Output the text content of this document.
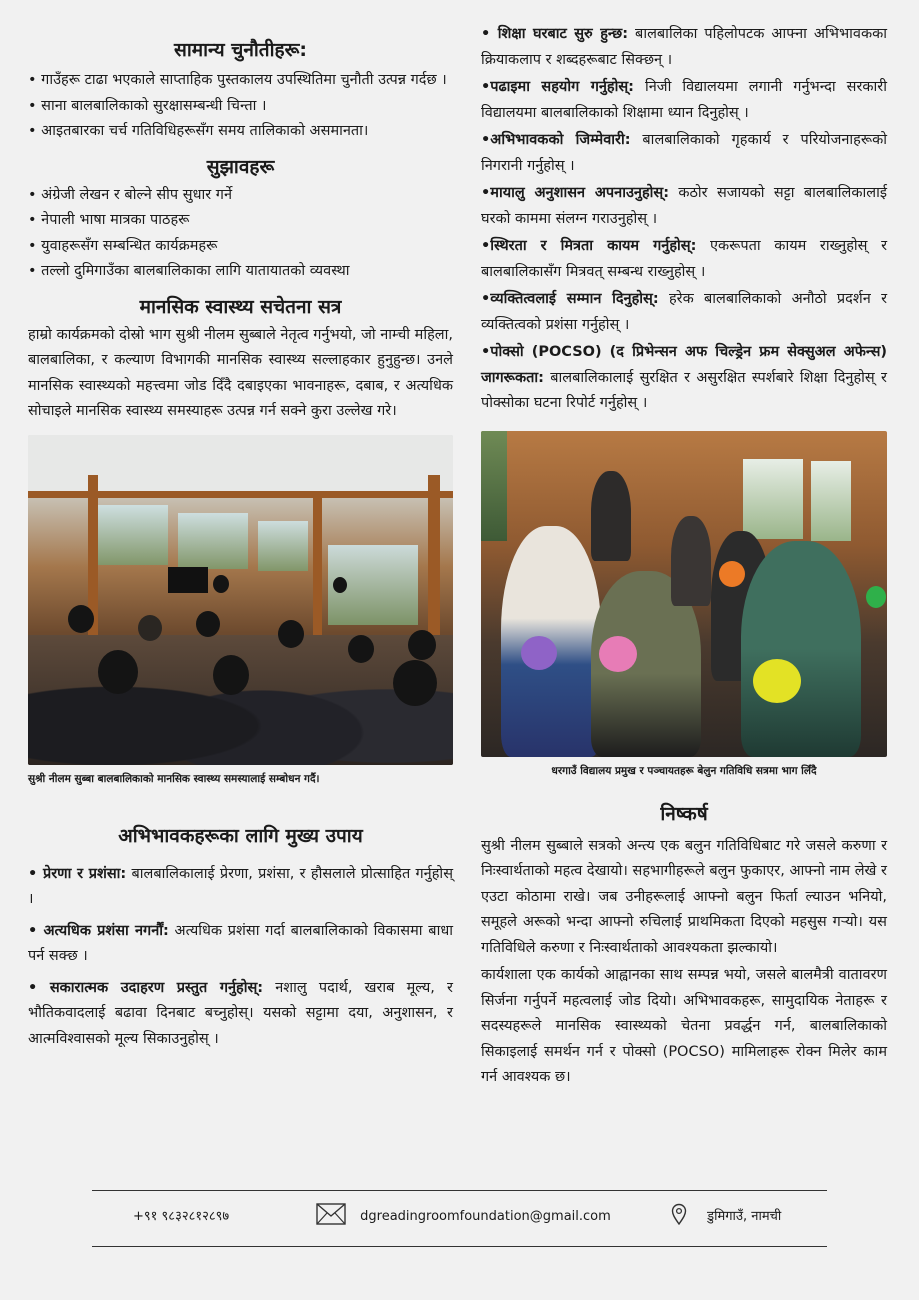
सामान्य चुनौतीहरू:

• गाउँहरू टाढा भएकाले साप्ताहिक पुस्तकालय उपस्थितिमा चुनौती उत्पन्न गर्दछ ।

• साना बालबालिकाको सुरक्षासम्बन्धी चिन्ता ।

• आइतबारका चर्च गतिविधिहरूसँग समय तालिकाको असमानता।

सुझावहरू

• अंग्रेजी लेखन र बोल्ने सीप सुधार गर्ने

• नेपाली भाषा मात्रका पाठहरू

• युवाहरूसँग सम्बन्धित कार्यक्रमहरू

• तल्लो दुमिगाउँका बालबालिकाका लागि यातायातको व्यवस्था

मानसिक स्वास्थ्य सचेतना सत्र

हाम्रो कार्यक्रमको दोस्रो भाग सुश्री नीलम सुब्बाले नेतृत्व गर्नुभयो, जो नाम्ची महिला, बालबालिका, र कल्याण विभागकी मानसिक स्वास्थ्य सल्लाहकार हुनुहुन्छ। उनले मानसिक स्वास्थ्यको महत्त्वमा जोड दिँदै दबाइएका भावनाहरू, दबाब, र अत्यधिक सोचाइले मानसिक स्वास्थ्य समस्याहरू उत्पन्न गर्न सक्ने कुरा उल्लेख गरे।

सुश्री नीलम सुब्बा बालबालिकाको मानसिक स्वास्थ्य समस्यालाई सम्बोधन गर्दै।
अभिभावकहरूका लागि मुख्य उपाय

• प्रेरणा र प्रशंसा: बालबालिकालाई प्रेरणा, प्रशंसा, र हौसलाले प्रोत्साहित गर्नुहोस् ।

• अत्यधिक प्रशंसा नगर्नौं: अत्यधिक प्रशंसा गर्दा बालबालिकाको विकासमा बाधा पर्न सक्छ ।

• सकारात्मक उदाहरण प्रस्तुत गर्नुहोस्: नशालु पदार्थ, खराब मूल्य, र भौतिकवादलाई बढावा दिनबाट बच्नुहोस्। यसको सट्टामा दया, अनुशासन, र आत्मविश्वासको मूल्य सिकाउनुहोस् ।

• शिक्षा घरबाट सुरु हुन्छ: बालबालिका पहिलोपटक आफ्ना अभिभावकका क्रियाकलाप र शब्दहरूबाट सिक्छन् ।

•पढाइमा सहयोग गर्नुहोस्: निजी विद्यालयमा लगानी गर्नुभन्दा सरकारी विद्यालयमा बालबालिकाको शिक्षामा ध्यान दिनुहोस् ।

•अभिभावकको जिम्मेवारी: बालबालिकाको गृहकार्य र परियोजनाहरूको निगरानी गर्नुहोस् ।

•मायालु अनुशासन अपनाउनुहोस्: कठोर सजायको सट्टा बालबालिकालाई घरको काममा संलग्न गराउनुहोस् ।

•स्थिरता र मित्रता कायम गर्नुहोस्: एकरूपता कायम राख्नुहोस् र बालबालिकासँग मित्रवत् सम्बन्ध राख्नुहोस् ।

•व्यक्तित्वलाई सम्मान दिनुहोस्: हरेक बालबालिकाको अनौठो प्रदर्शन र व्यक्तित्वको प्रशंसा गर्नुहोस् ।

•पोक्सो (POCSO) (द प्रिभेन्सन अफ चिल्ड्रेन फ्रम सेक्सुअल अफेन्स) जागरूकता: बालबालिकालाई सुरक्षित र असुरक्षित स्पर्शबारे शिक्षा दिनुहोस् र पोक्सोका घटना रिपोर्ट गर्नुहोस् ।

धरगाउँ विद्यालय प्रमुख र पञ्चायतहरू बेलुन गतिविधि सत्रमा भाग लिँदै
निष्कर्ष

सुश्री नीलम सुब्बाले सत्रको अन्त्य एक बलुन गतिविधिबाट गरे जसले करुणा र निःस्वार्थताको महत्व देखायो। सहभागीहरूले बलुन फुकाएर, आफ्नो नाम लेखे र एउटा कोठामा राखे। जब उनीहरूलाई आफ्नो बलुन फिर्ता ल्याउन भनियो, समूहले अरूको भन्दा आफ्नो रुचिलाई प्राथमिकता दिएको महसुस गर्‍यो। यस गतिविधिले करुणा र निःस्वार्थताको आवश्यकता झल्कायो।

कार्यशाला एक कार्यको आह्वानका साथ सम्पन्न भयो, जसले बालमैत्री वातावरण सिर्जना गर्नुपर्ने महत्वलाई जोड दियो। अभिभावकहरू, सामुदायिक नेताहरू र सदस्यहरूले मानसिक स्वास्थ्यको चेतना प्रवर्द्धन गर्न, बालबालिकाको सिकाइलाई समर्थन गर्न र पोक्सो (POCSO) मामिलाहरू रोक्न मिलेर काम गर्न आवश्यक छ।

+९१ ९८३२८१२८९७	dgreadingroomfoundation@gmail.com	डुमिगाउँ, नामची
